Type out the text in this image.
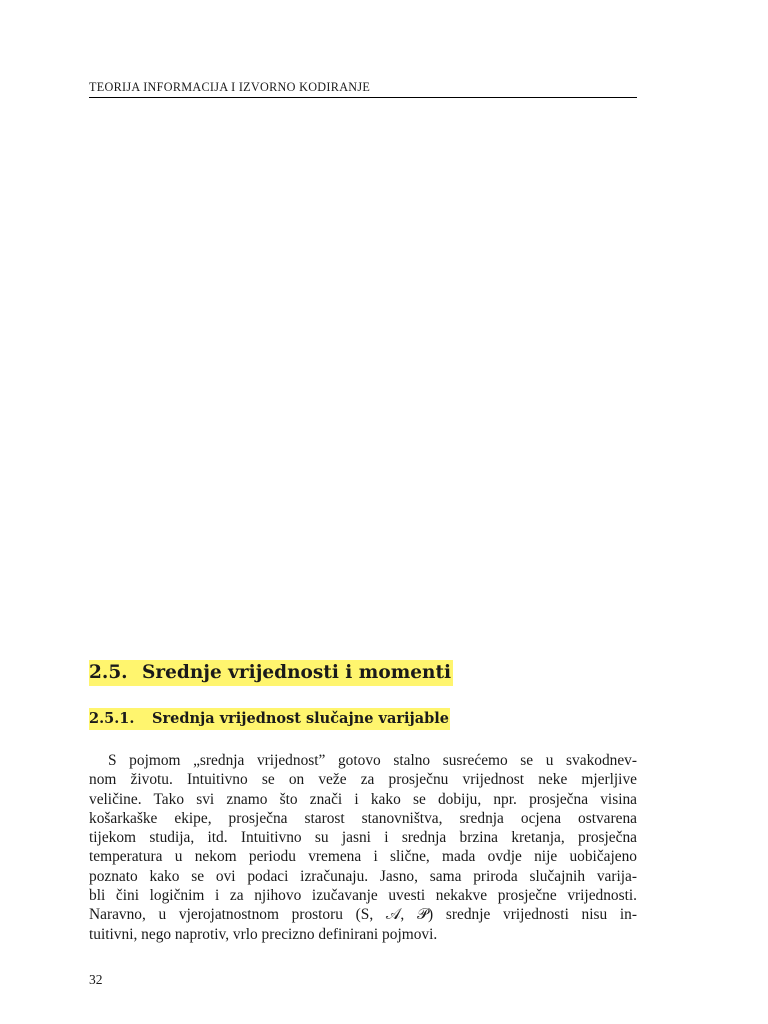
TEORIJA INFORMACIJA I IZVORNO KODIRANJE
2.5. Srednje vrijednosti i momenti
2.5.1. Srednja vrijednost slučajne varijable
S pojmom „srednja vrijednost” gotovo stalno susrećemo se u svakodnev-
nom životu. Intuitivno se on veže za prosječnu vrijednost neke mjerljive
veličine. Tako svi znamo što znači i kako se dobiju, npr. prosječna visina
košarkaške ekipe, prosječna starost stanovništva, srednja ocjena ostvarena
tijekom studija, itd. Intuitivno su jasni i srednja brzina kretanja, prosječna
temperatura u nekom periodu vremena i slične, mada ovdje nije uobičajeno
poznato kako se ovi podaci izračunaju. Jasno, sama priroda slučajnih varija-
bli čini logičnim i za njihovo izučavanje uvesti nekakve prosječne vrijednosti.
Naravno, u vjerojatnostnom prostoru (S, 𝒜, 𝒫) srednje vrijednosti nisu in-
tuitivni, nego naprotiv, vrlo precizno definirani pojmovi.
32
